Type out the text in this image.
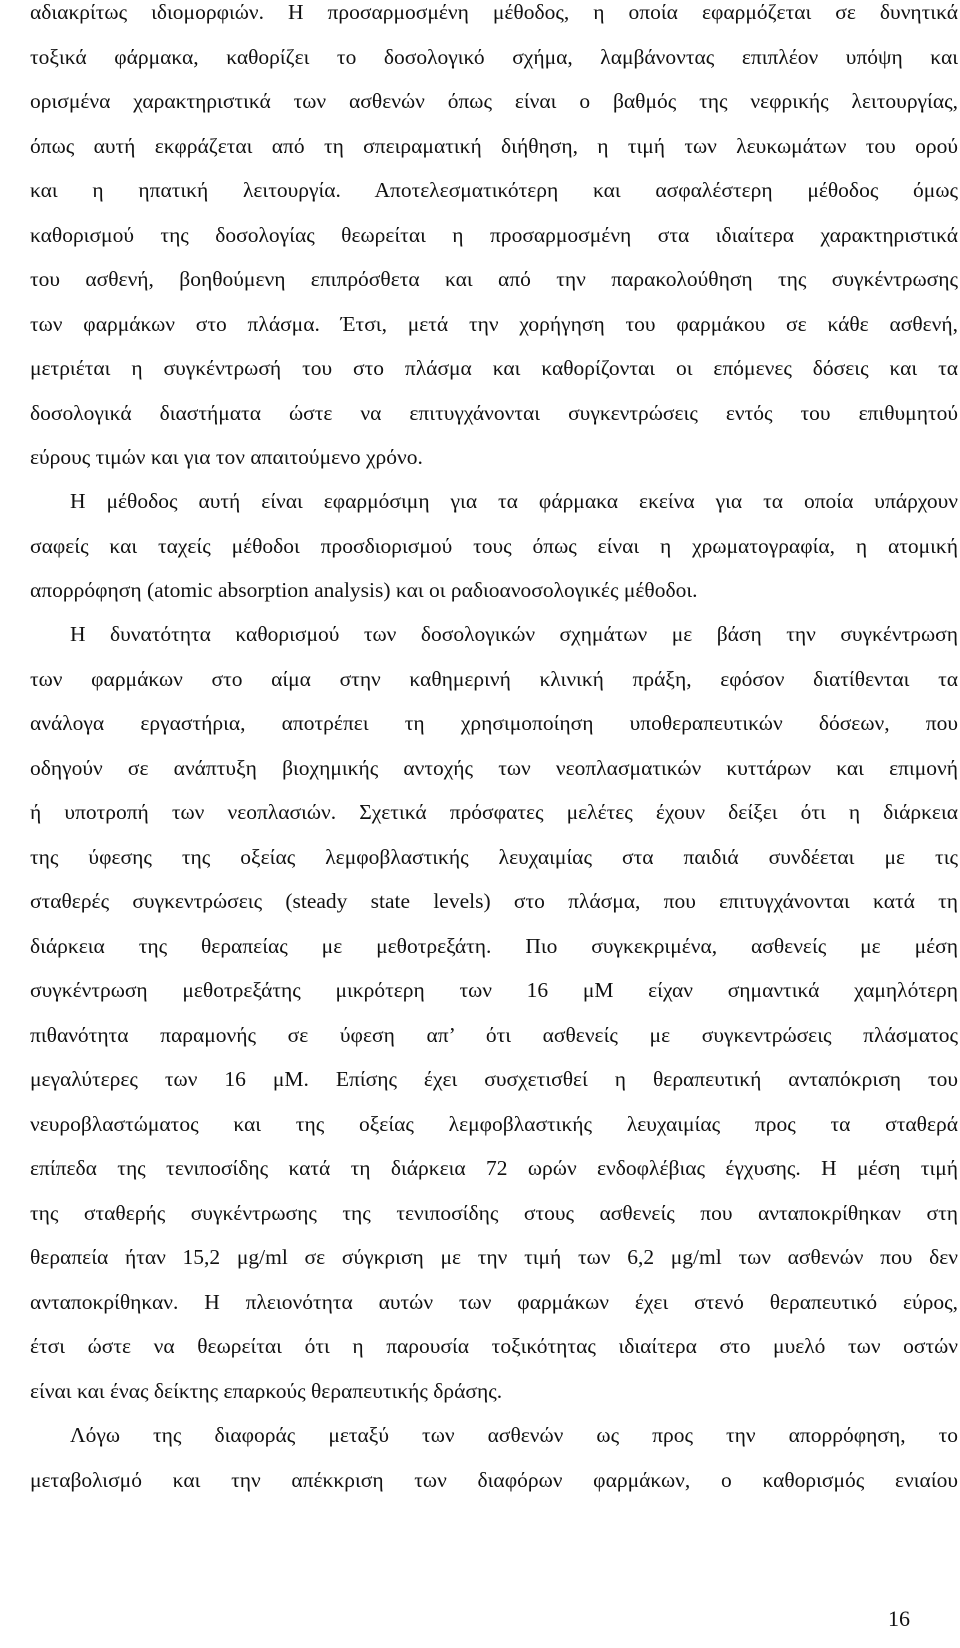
αδιακρίτως ιδιομορφιών. Η προσαρμοσμένη μέθοδος, η οποία εφαρμόζεται σε δυνητικά
τοξικά φάρμακα, καθορίζει το δοσολογικό σχήμα, λαμβάνοντας επιπλέον υπόψη και
ορισμένα χαρακτηριστικά των ασθενών όπως είναι ο βαθμός της νεφρικής λειτουργίας,
όπως αυτή εκφράζεται από τη σπειραματική διήθηση, η τιμή των λευκωμάτων του ορού
και η ηπατική λειτουργία. Αποτελεσματικότερη και ασφαλέστερη μέθοδος όμως
καθορισμού της δοσολογίας θεωρείται η προσαρμοσμένη στα ιδιαίτερα χαρακτηριστικά
του ασθενή, βοηθούμενη επιπρόσθετα και από την παρακολούθηση της συγκέντρωσης
των φαρμάκων στο πλάσμα. Έτσι, μετά την χορήγηση του φαρμάκου σε κάθε ασθενή,
μετριέται η συγκέντρωσή του στο πλάσμα και καθορίζονται οι επόμενες δόσεις και τα
δοσολογικά διαστήματα ώστε να επιτυγχάνονται συγκεντρώσεις εντός του επιθυμητού
εύρους τιμών και για τον απαιτούμενο χρόνο.
Η μέθοδος αυτή είναι εφαρμόσιμη για τα φάρμακα εκείνα για τα οποία υπάρχουν
σαφείς και ταχείς μέθοδοι προσδιορισμού τους όπως είναι η χρωματογραφία, η ατομική
απορρόφηση (atomic absorption analysis) και οι ραδιοανοσολογικές μέθοδοι.
Η δυνατότητα καθορισμού των δοσολογικών σχημάτων με βάση την συγκέντρωση
των φαρμάκων στο αίμα στην καθημερινή κλινική πράξη, εφόσον διατίθενται τα
ανάλογα εργαστήρια, αποτρέπει τη χρησιμοποίηση υποθεραπευτικών δόσεων, που
οδηγούν σε ανάπτυξη βιοχημικής αντοχής των νεοπλασματικών κυττάρων και επιμονή
ή υποτροπή των νεοπλασιών. Σχετικά πρόσφατες μελέτες έχουν δείξει ότι η διάρκεια
της ύφεσης της οξείας λεμφοβλαστικής λευχαιμίας στα παιδιά συνδέεται με τις
σταθερές συγκεντρώσεις (steady state levels) στο πλάσμα, που επιτυγχάνονται κατά τη
διάρκεια της θεραπείας με μεθοτρεξάτη. Πιο συγκεκριμένα, ασθενείς με μέση
συγκέντρωση μεθοτρεξάτης μικρότερη των 16 μΜ είχαν σημαντικά χαμηλότερη
πιθανότητα παραμονής σε ύφεση απ’ ότι ασθενείς με συγκεντρώσεις πλάσματος
μεγαλύτερες των 16 μΜ. Επίσης έχει συσχετισθεί η θεραπευτική ανταπόκριση του
νευροβλαστώματος και της οξείας λεμφοβλαστικής λευχαιμίας προς τα σταθερά
επίπεδα της τενιποσίδης κατά τη διάρκεια 72 ωρών ενδοφλέβιας έγχυσης. Η μέση τιμή
της σταθερής συγκέντρωσης της τενιποσίδης στους ασθενείς που ανταποκρίθηκαν στη
θεραπεία ήταν 15,2 μg/ml σε σύγκριση με την τιμή των 6,2 μg/ml των ασθενών που δεν
ανταποκρίθηκαν. Η πλειονότητα αυτών των φαρμάκων έχει στενό θεραπευτικό εύρος,
έτσι ώστε να θεωρείται ότι η παρουσία τοξικότητας ιδιαίτερα στο μυελό των οστών
είναι και ένας δείκτης επαρκούς θεραπευτικής δράσης.
Λόγω της διαφοράς μεταξύ των ασθενών ως προς την απορρόφηση, το
μεταβολισμό και την απέκκριση των διαφόρων φαρμάκων, ο καθορισμός ενιαίου
16
